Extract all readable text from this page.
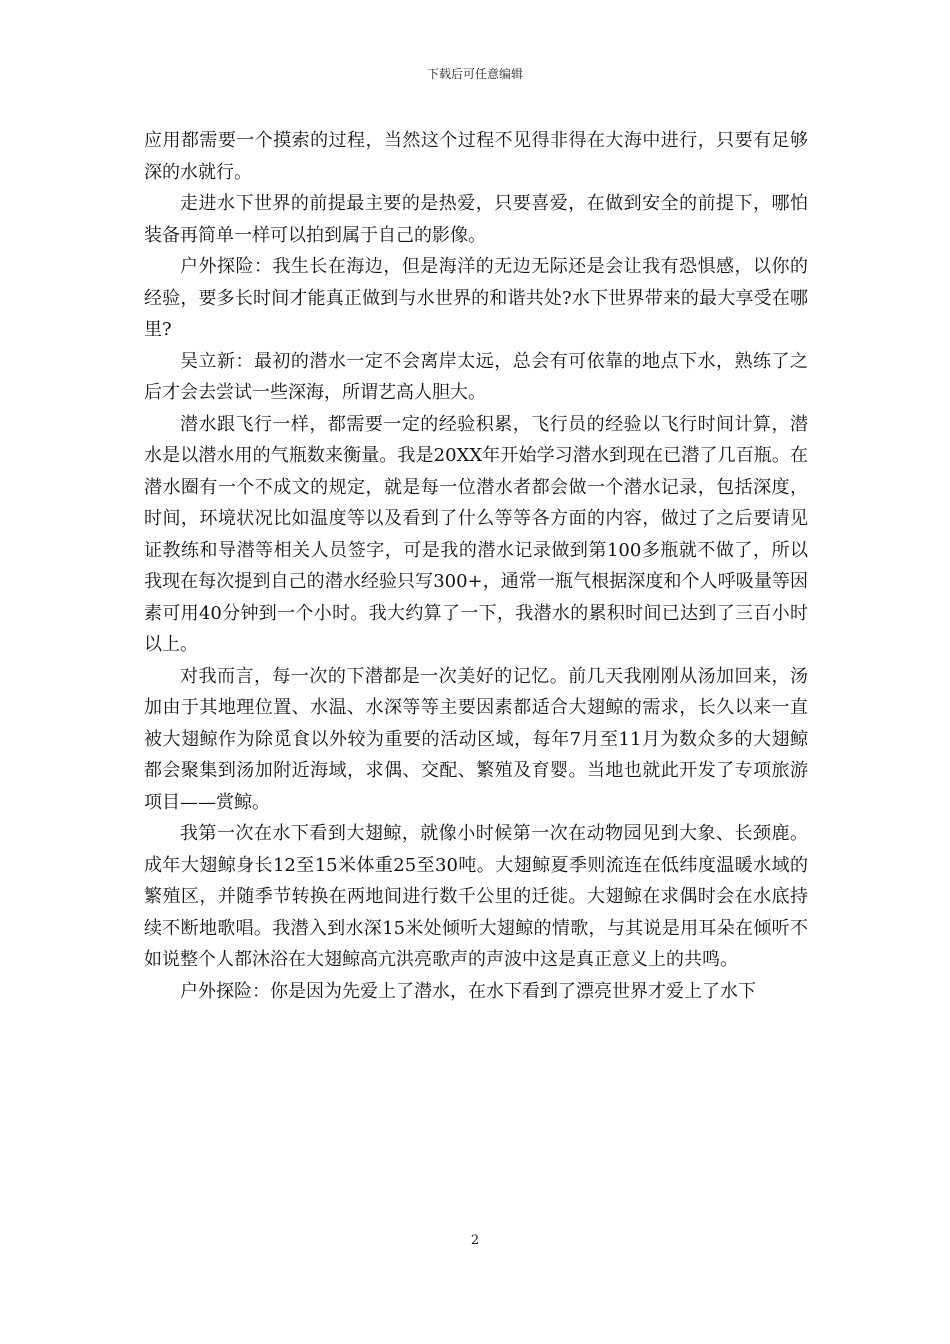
下载后可任意编辑

应用都需要一个摸索的过程，当然这个过程不见得非得在大海中进行，只要有足够深的水就行。

走进水下世界的前提最主要的是热爱，只要喜爱，在做到安全的前提下，哪怕装备再简单一样可以拍到属于自己的影像。

户外探险：我生长在海边，但是海洋的无边无际还是会让我有恐惧感，以你的经验，要多长时间才能真正做到与水世界的和谐共处?水下世界带来的最大享受在哪里?

吴立新：最初的潜水一定不会离岸太远，总会有可依靠的地点下水，熟练了之后才会去尝试一些深海，所谓艺高人胆大。

潜水跟飞行一样，都需要一定的经验积累，飞行员的经验以飞行时间计算，潜水是以潜水用的气瓶数来衡量。我是20XX年开始学习潜水到现在已潜了几百瓶。在潜水圈有一个不成文的规定，就是每一位潜水者都会做一个潜水记录，包括深度，时间，环境状况比如温度等以及看到了什么等等各方面的内容，做过了之后要请见证教练和导潜等相关人员签字，可是我的潜水记录做到第100多瓶就不做了，所以我现在每次提到自己的潜水经验只写300+，通常一瓶气根据深度和个人呼吸量等因素可用40分钟到一个小时。我大约算了一下，我潜水的累积时间已达到了三百小时以上。

对我而言，每一次的下潜都是一次美好的记忆。前几天我刚刚从汤加回来，汤加由于其地理位置、水温、水深等等主要因素都适合大翅鲸的需求，长久以来一直被大翅鲸作为除觅食以外较为重要的活动区域，每年7月至11月为数众多的大翅鲸都会聚集到汤加附近海域，求偶、交配、繁殖及育婴。当地也就此开发了专项旅游项目——赏鲸。

我第一次在水下看到大翅鲸，就像小时候第一次在动物园见到大象、长颈鹿。成年大翅鲸身长12至15米体重25至30吨。大翅鲸夏季则流连在低纬度温暖水域的繁殖区，并随季节转换在两地间进行数千公里的迁徙。大翅鲸在求偶时会在水底持续不断地歌唱。我潜入到水深15米处倾听大翅鲸的情歌，与其说是用耳朵在倾听不如说整个人都沐浴在大翅鲸高亢洪亮歌声的声波中这是真正意义上的共鸣。

户外探险：你是因为先爱上了潜水，在水下看到了漂亮世界才爱上了水下

2
